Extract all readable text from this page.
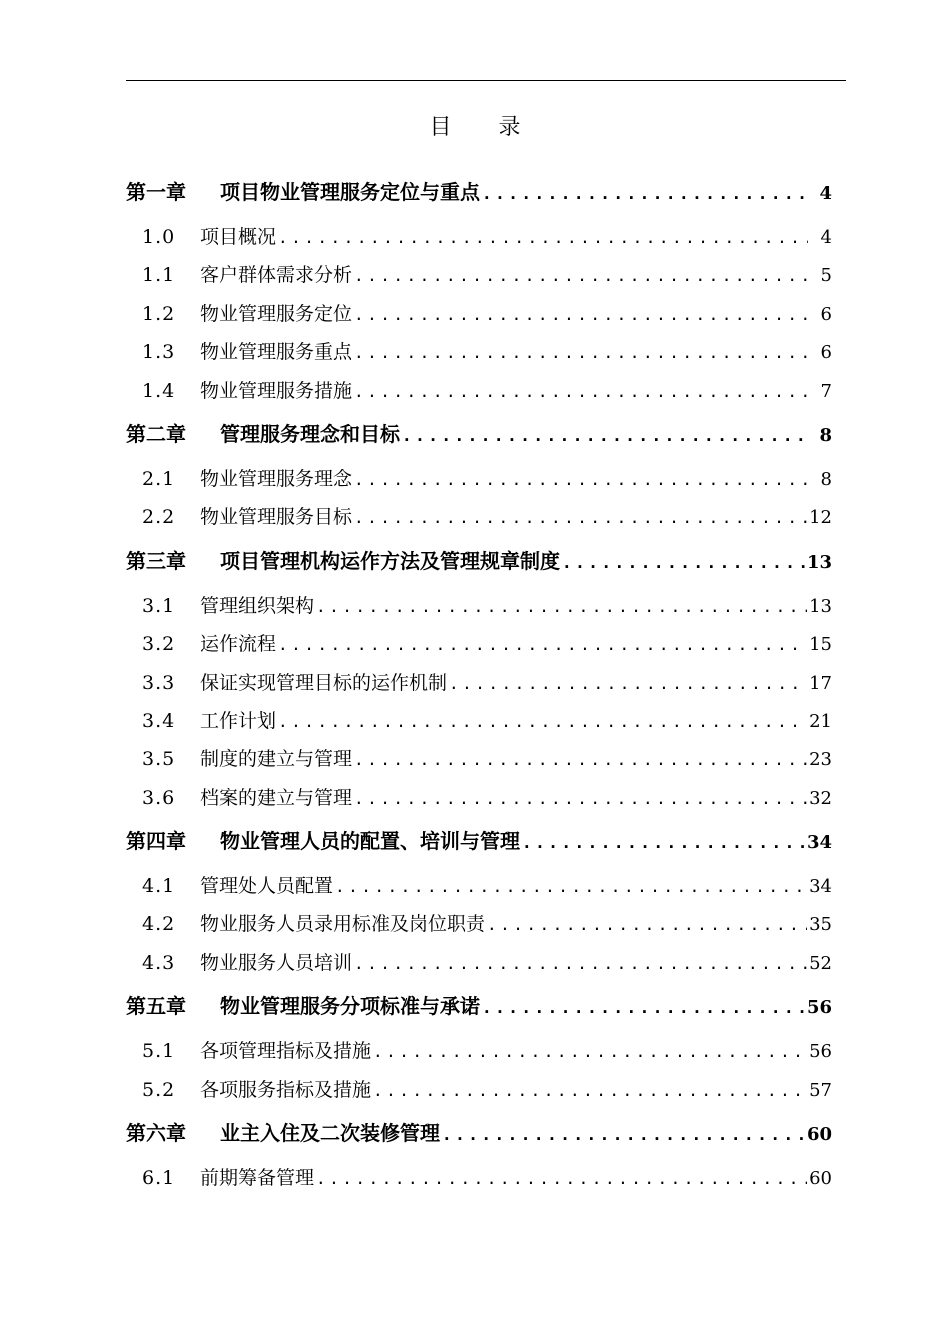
目 录
第一章	项目物业管理服务定位与重点 .....	4
1.0	项目概况 .....	4
1.1	客户群体需求分析 .....	5
1.2	物业管理服务定位 .....	6
1.3	物业管理服务重点 .....	6
1.4	物业管理服务措施 .....	7
第二章	管理服务理念和目标 .....	8
2.1	物业管理服务理念 .....	8
2.2	物业管理服务目标 .....	12
第三章	项目管理机构运作方法及管理规章制度 .....	13
3.1	管理组织架构 .....	13
3.2	运作流程 .....	15
3.3	保证实现管理目标的运作机制 .....	17
3.4	工作计划 .....	21
3.5	制度的建立与管理 .....	23
3.6	档案的建立与管理 .....	32
第四章	物业管理人员的配置、培训与管理 .....	34
4.1	管理处人员配置 .....	34
4.2	物业服务人员录用标准及岗位职责 .....	35
4.3	物业服务人员培训 .....	52
第五章	物业管理服务分项标准与承诺 .....	56
5.1	各项管理指标及措施 .....	56
5.2	各项服务指标及措施 .....	57
第六章	业主入住及二次装修管理 .....	60
6.1	前期筹备管理 .....	60
